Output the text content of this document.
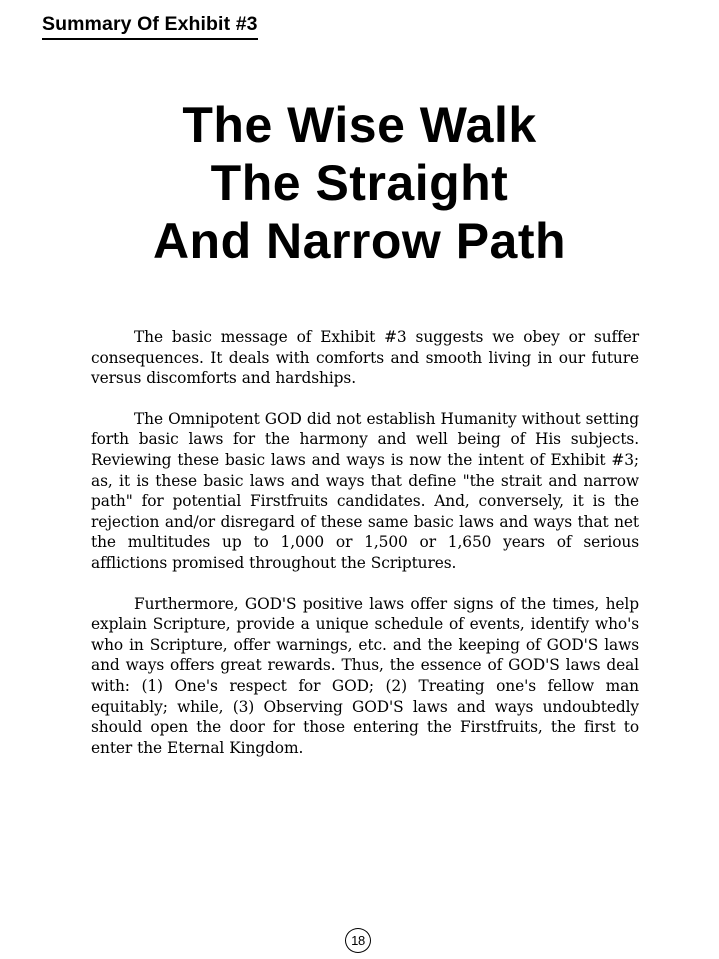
Summary Of Exhibit #3
The Wise Walk
The Straight
And Narrow Path

The basic message of Exhibit #3 suggests we obey or suffer consequences. It deals with comforts and smooth living in our future versus discomforts and hardships.

The Omnipotent GOD did not establish Humanity without setting forth basic laws for the harmony and well being of His subjects. Reviewing these basic laws and ways is now the intent of Exhibit #3; as, it is these basic laws and ways that define "the strait and narrow path" for potential Firstfruits candidates. And, conversely, it is the rejection and/or disregard of these same basic laws and ways that net the multitudes up to 1,000 or 1,500 or 1,650 years of serious afflictions promised throughout the Scriptures.

Furthermore, GOD'S positive laws offer signs of the times, help explain Scripture, provide a unique schedule of events, identify who's who in Scripture, offer warnings, etc. and the keeping of GOD'S laws and ways offers great rewards. Thus, the essence of GOD'S laws deal with: (1) One's respect for GOD; (2) Treating one's fellow man equitably; while, (3) Observing GOD'S laws and ways undoubtedly should open the door for those entering the Firstfruits, the first to enter the Eternal Kingdom.

18
